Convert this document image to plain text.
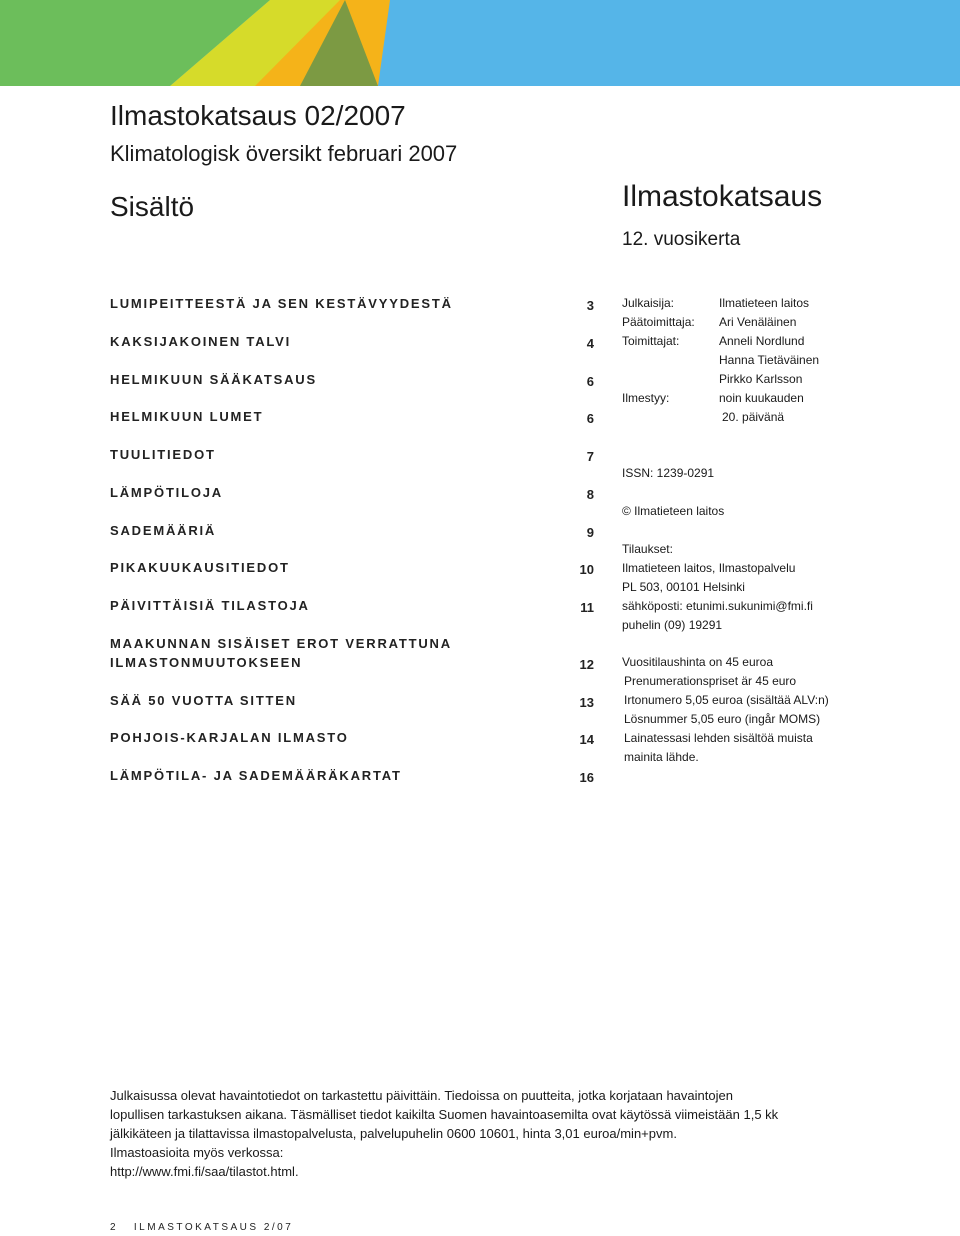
Ilmastokatsaus 02/2007
Klimatologisk översikt februari 2007
Sisältö	Ilmastokatsaus
12. vuosikerta
LUMIPEITTEESTÄ JA SEN KESTÄVYYDESTÄ	3
KAKSIJAKOINEN TALVI	4
HELMIKUUN SÄÄKATSAUS	6
HELMIKUUN LUMET	6
TUULITIEDOT	7
LÄMPÖTILOJA	8
SADEMÄÄRIÄ	9
PIKAKUUKAUSITIEDOT	10
PÄIVITTÄISIÄ TILASTOJA	11
MAAKUNNAN SISÄISET EROT VERRATTUNA ILMASTONMUUTOKSEEN	12
SÄÄ 50 VUOTTA SITTEN	13
POHJOIS-KARJALAN ILMASTO	14
LÄMPÖTILA- JA SADEMÄÄRÄKARTAT	16
Julkaisija:	Ilmatieteen laitos
Päätoimittaja: Ari Venäläinen
Toimittajat:	Anneli Nordlund
Hanna Tietäväinen
Pirkko Karlsson
Ilmestyy:	noin kuukauden
20. päivänä
ISSN: 1239-0291
© Ilmatieteen laitos
Tilaukset:
Ilmatieteen laitos, Ilmastopalvelu
PL 503, 00101 Helsinki
sähköposti: etunimi.sukunimi@fmi.fi
puhelin (09) 19291
Vuositilaushinta on 45 euroa
Prenumerationspriset är 45 euro
Irtonumero 5,05 euroa (sisältää ALV:n)
Lösnummer 5,05 euro (ingår MOMS)
Lainatessasi lehden sisältöä muista
mainita lähde.

Julkaisussa olevat havaintotiedot on tarkastettu päivittäin. Tiedoissa on puutteita, jotka korjataan havaintojen

lopullisen tarkastuksen aikana. Täsmälliset tiedot kaikilta Suomen havaintoasemilta ovat käytössä viimeistään 1,5 kk

jälkikäteen ja tilattavissa ilmastopalvelusta, palvelupuhelin 0600 10601, hinta 3,01 euroa/min+pvm.

Ilmastoasioita myös verkossa:

http://www.fmi.fi/saa/tilastot.html.

2 ILMASTOKATSAUS 2/07
